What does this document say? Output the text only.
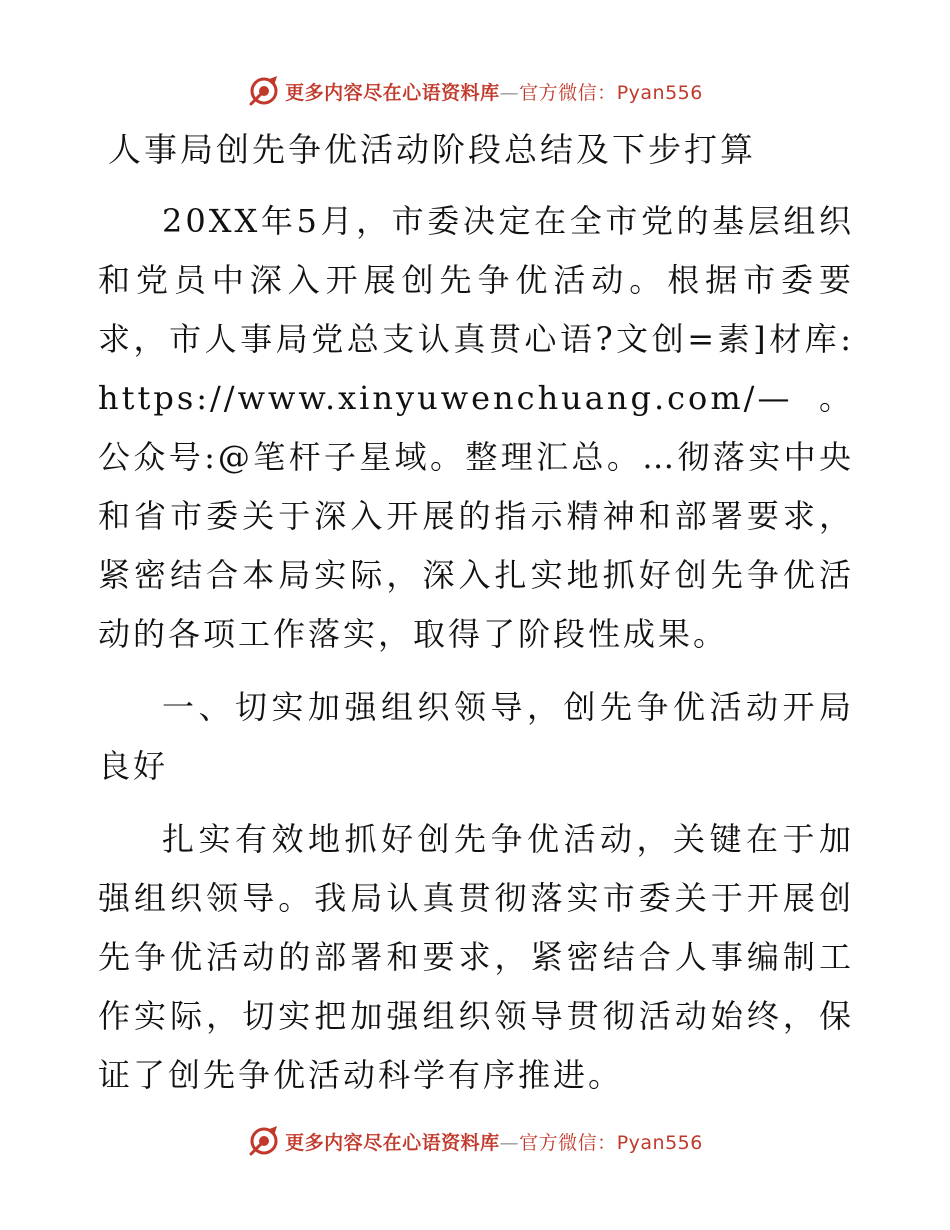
更多内容尽在心语资料库—官方微信：Pyan556
人事局创先争优活动阶段总结及下步打算

20XX年5月，市委决定在全市党的基层组织和党员中深入开展创先争优活动。根据市委要求，市人事局党总支认真贯心语?文创=素]材库:https://www.xinyuwenchuang.com/—。公众号:@笔杆子星域。整理汇总。…彻落实中央和省市委关于深入开展的指示精神和部署要求，紧密结合本局实际，深入扎实地抓好创先争优活动的各项工作落实，取得了阶段性成果。

一、切实加强组织领导，创先争优活动开局良好

扎实有效地抓好创先争优活动，关键在于加强组织领导。我局认真贯彻落实市委关于开展创先争优活动的部署和要求，紧密结合人事编制工作实际，切实把加强组织领导贯彻活动始终，保证了创先争优活动科学有序推进。

更多内容尽在心语资料库—官方微信：Pyan556
